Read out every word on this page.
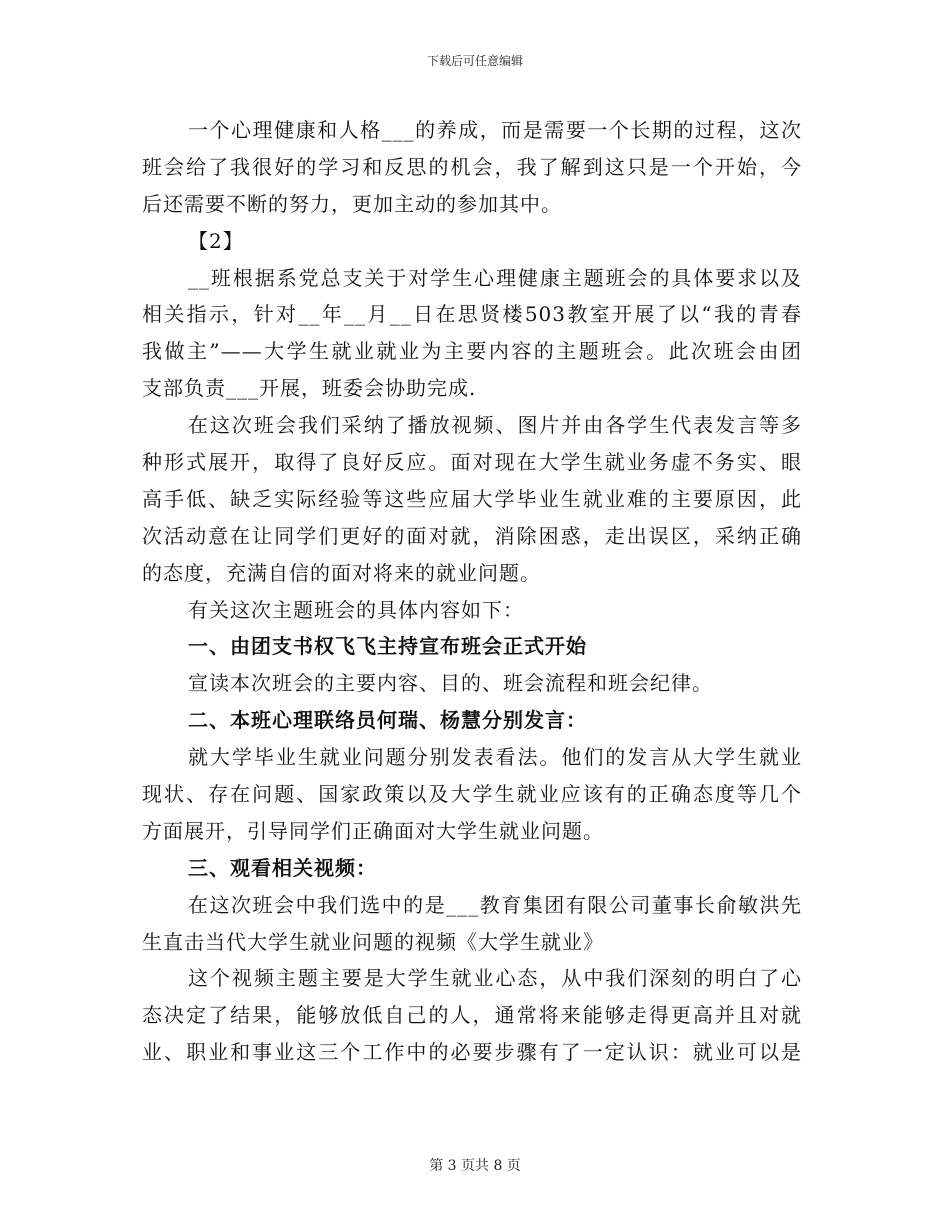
下载后可任意编辑
一个心理健康和人格___的养成，而是需要一个长期的过程，这次
班会给了我很好的学习和反思的机会，我了解到这只是一个开始，今
后还需要不断的努力，更加主动的参加其中。
【2】
__班根据系党总支关于对学生心理健康主题班会的具体要求以及
相关指示，针对__年__月__日在思贤楼503教室开展了以“我的青春
我做主”——大学生就业就业为主要内容的主题班会。此次班会由团
支部负责___开展，班委会协助完成.
在这次班会我们采纳了播放视频、图片并由各学生代表发言等多
种形式展开，取得了良好反应。面对现在大学生就业务虚不务实、眼
高手低、缺乏实际经验等这些应届大学毕业生就业难的主要原因，此
次活动意在让同学们更好的面对就，消除困惑，走出误区，采纳正确
的态度，充满自信的面对将来的就业问题。
有关这次主题班会的具体内容如下：
一、由团支书权飞飞主持宣布班会正式开始
宣读本次班会的主要内容、目的、班会流程和班会纪律。
二、本班心理联络员何瑞、杨慧分别发言：
就大学毕业生就业问题分别发表看法。他们的发言从大学生就业
现状、存在问题、国家政策以及大学生就业应该有的正确态度等几个
方面展开，引导同学们正确面对大学生就业问题。
三、观看相关视频：
在这次班会中我们选中的是___教育集团有限公司董事长俞敏洪先
生直击当代大学生就业问题的视频《大学生就业》
这个视频主题主要是大学生就业心态，从中我们深刻的明白了心
态决定了结果，能够放低自己的人，通常将来能够走得更高并且对就
业、职业和事业这三个工作中的必要步骤有了一定认识：就业可以是
第 3 页共 8 页
